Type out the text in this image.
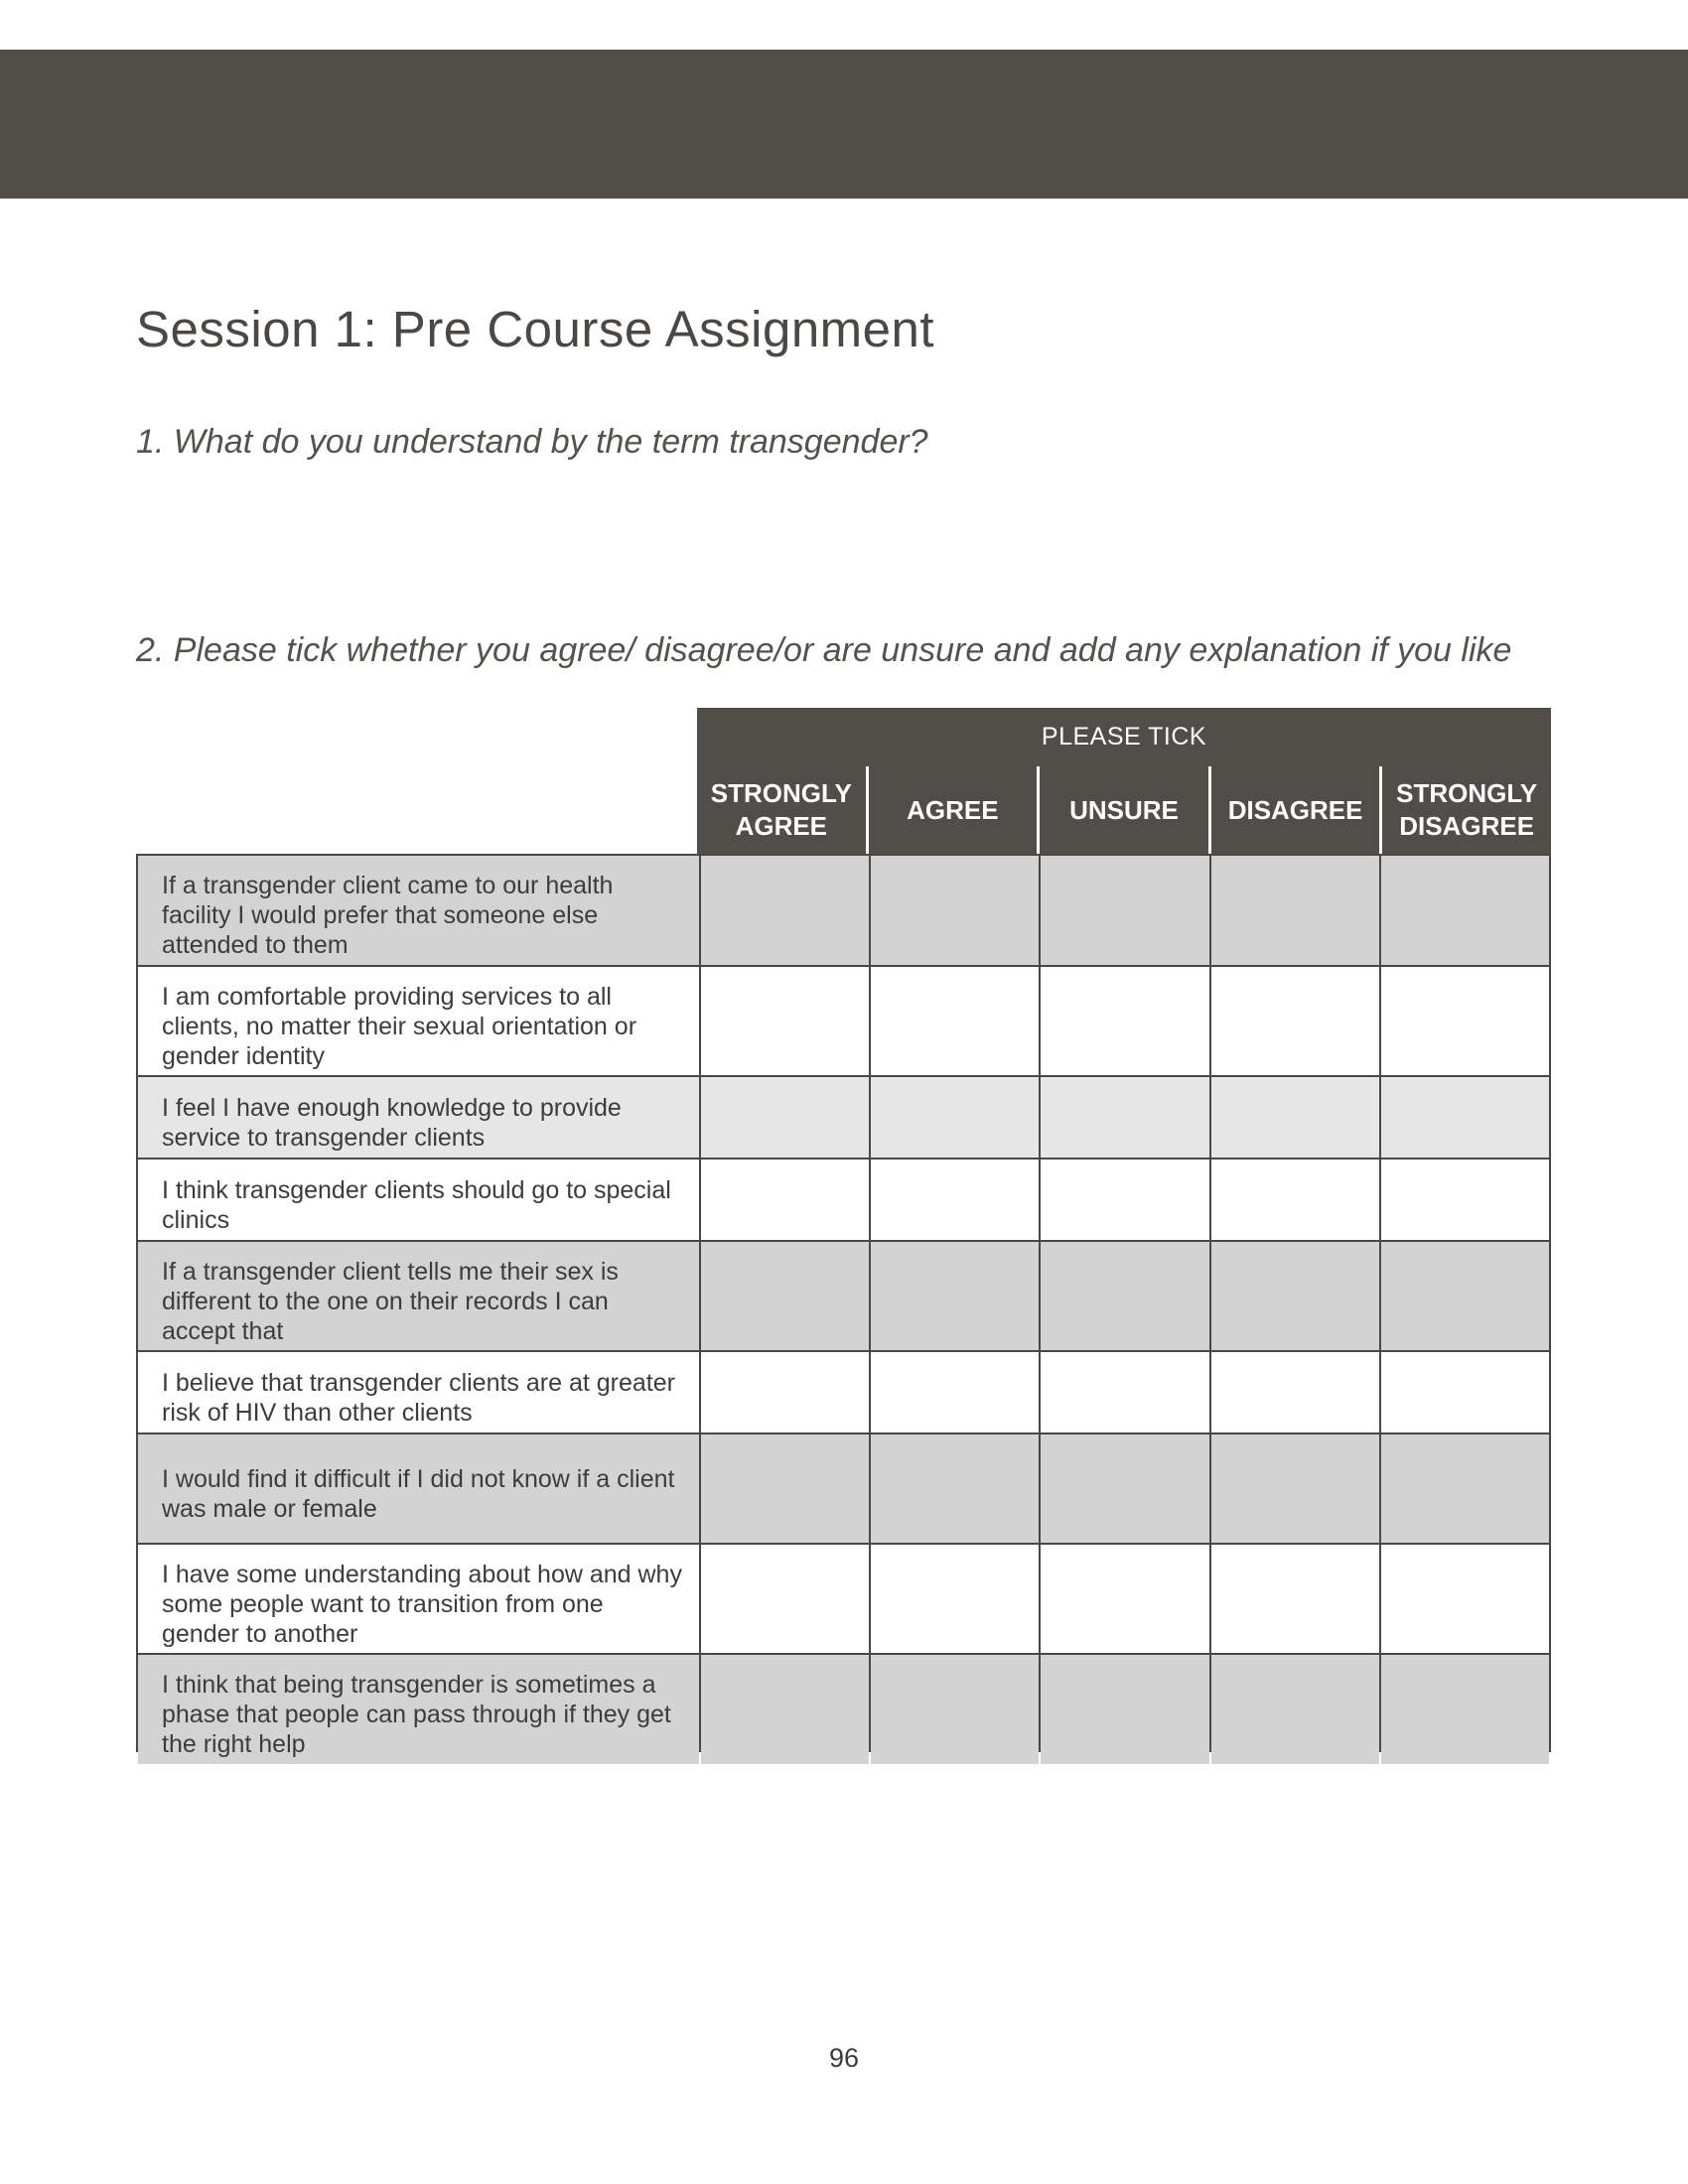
Session 1: Pre Course Assignment

1. What do you understand by the term transgender?

2. Please tick whether you agree/ disagree/or are unsure and add any explanation if you like

PLEASE TICK
STRONGLY
AGREE
AGREE	UNSURE	DISAGREE
STRONGLY
DISAGREE
If a transgender client came to our health facility I would prefer that someone else attended to them
I am comfortable providing services to all clients, no matter their sexual orientation or gender identity
I feel I have enough knowledge to provide service to transgender clients
I think transgender clients should go to special clinics
If a transgender client tells me their sex is different to the one on their records I can accept that
I believe that transgender clients are at greater risk of HIV than other clients
I would find it difficult if I did not know if a client was male or female
I have some understanding about how and why some people want to transition from one gender to another
I think that being transgender is sometimes a phase that people can pass through if they get the right help
96
